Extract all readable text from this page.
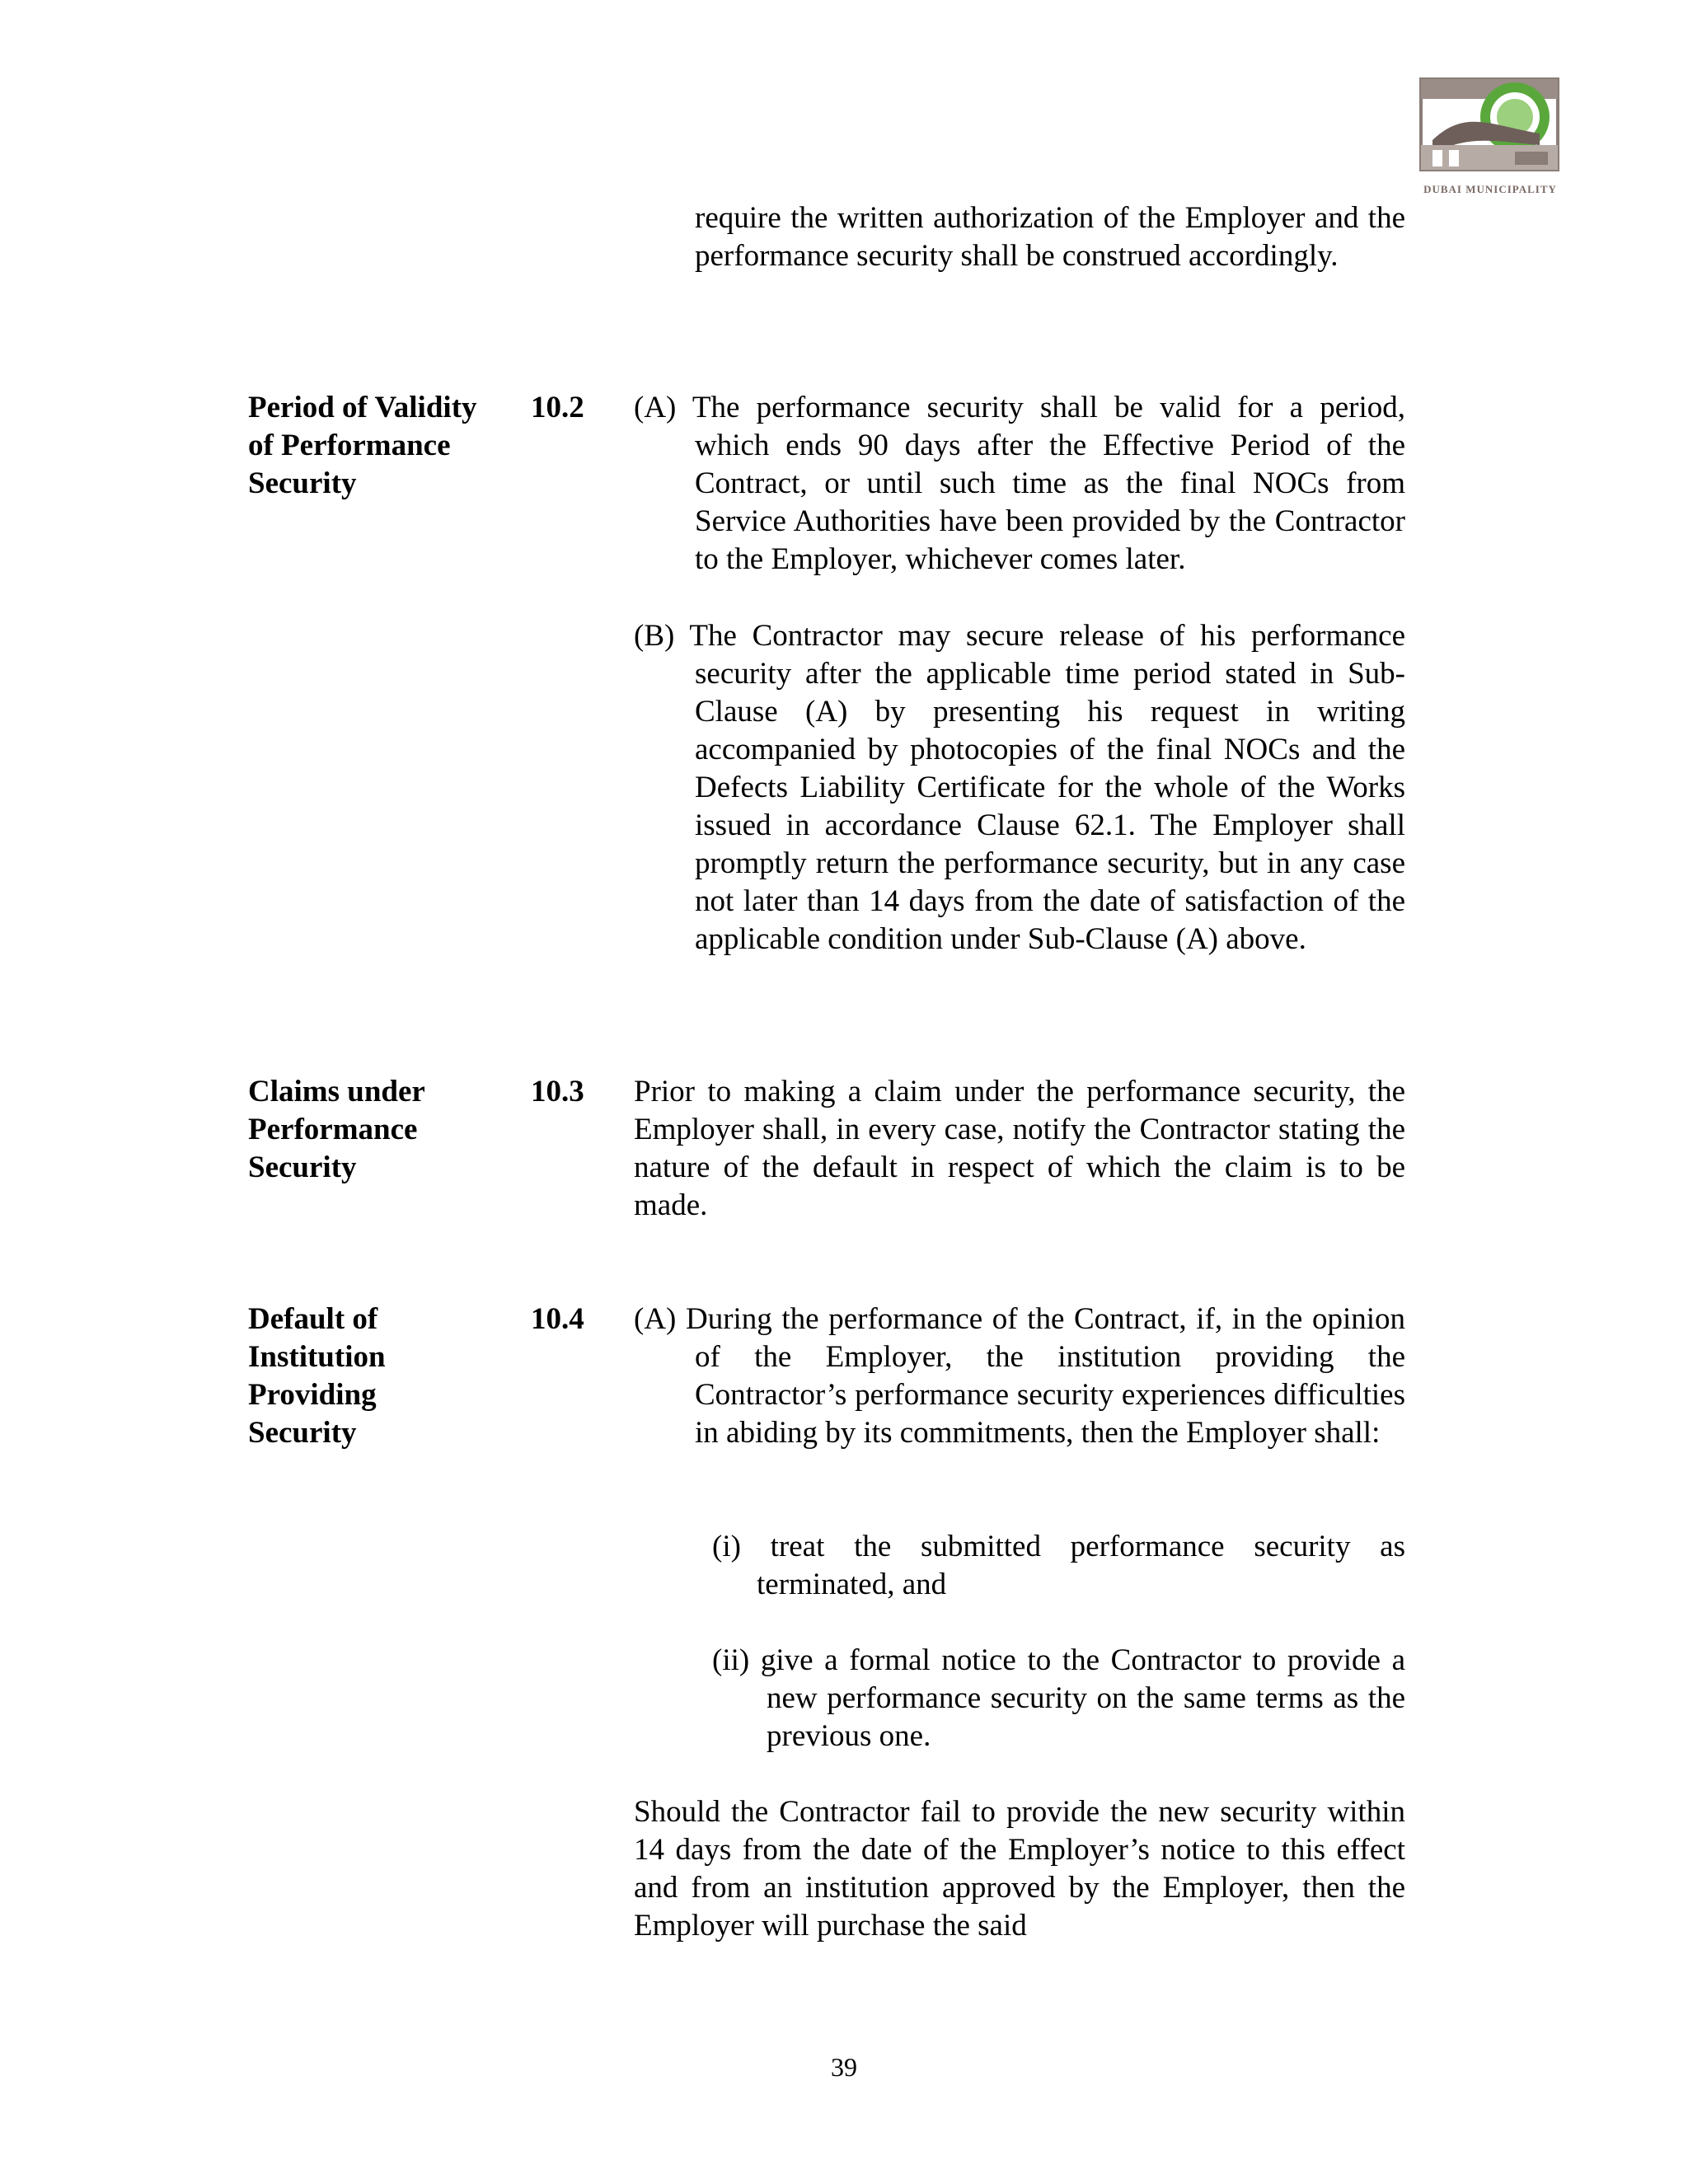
DUBAI MUNICIPALITY
require the written authorization of the Employer and the performance security shall be construed accordingly.
Period of Validity of Performance Security
10.2 (A) The performance security shall be valid for a period, which ends 90 days after the Effective Period of the Contract, or until such time as the final NOCs from Service Authorities have been provided by the Contractor to the Employer, whichever comes later.
(B) The Contractor may secure release of his performance security after the applicable time period stated in Sub-Clause (A) by presenting his request in writing accompanied by photocopies of the final NOCs and the Defects Liability Certificate for the whole of the Works issued in accordance Clause 62.1. The Employer shall promptly return the performance security, but in any case not later than 14 days from the date of satisfaction of the applicable condition under Sub-Clause (A) above.
Claims under Performance Security
10.3 Prior to making a claim under the performance security, the Employer shall, in every case, notify the Contractor stating the nature of the default in respect of which the claim is to be made.
Default of Institution Providing Security
10.4 (A) During the performance of the Contract, if, in the opinion of the Employer, the institution providing the Contractor’s performance security experiences difficulties in abiding by its commitments, then the Employer shall:
(i) treat the submitted performance security as terminated, and
(ii) give a formal notice to the Contractor to provide a new performance security on the same terms as the previous one.
Should the Contractor fail to provide the new security within 14 days from the date of the Employer’s notice to this effect and from an institution approved by the Employer, then the Employer will purchase the said
39
